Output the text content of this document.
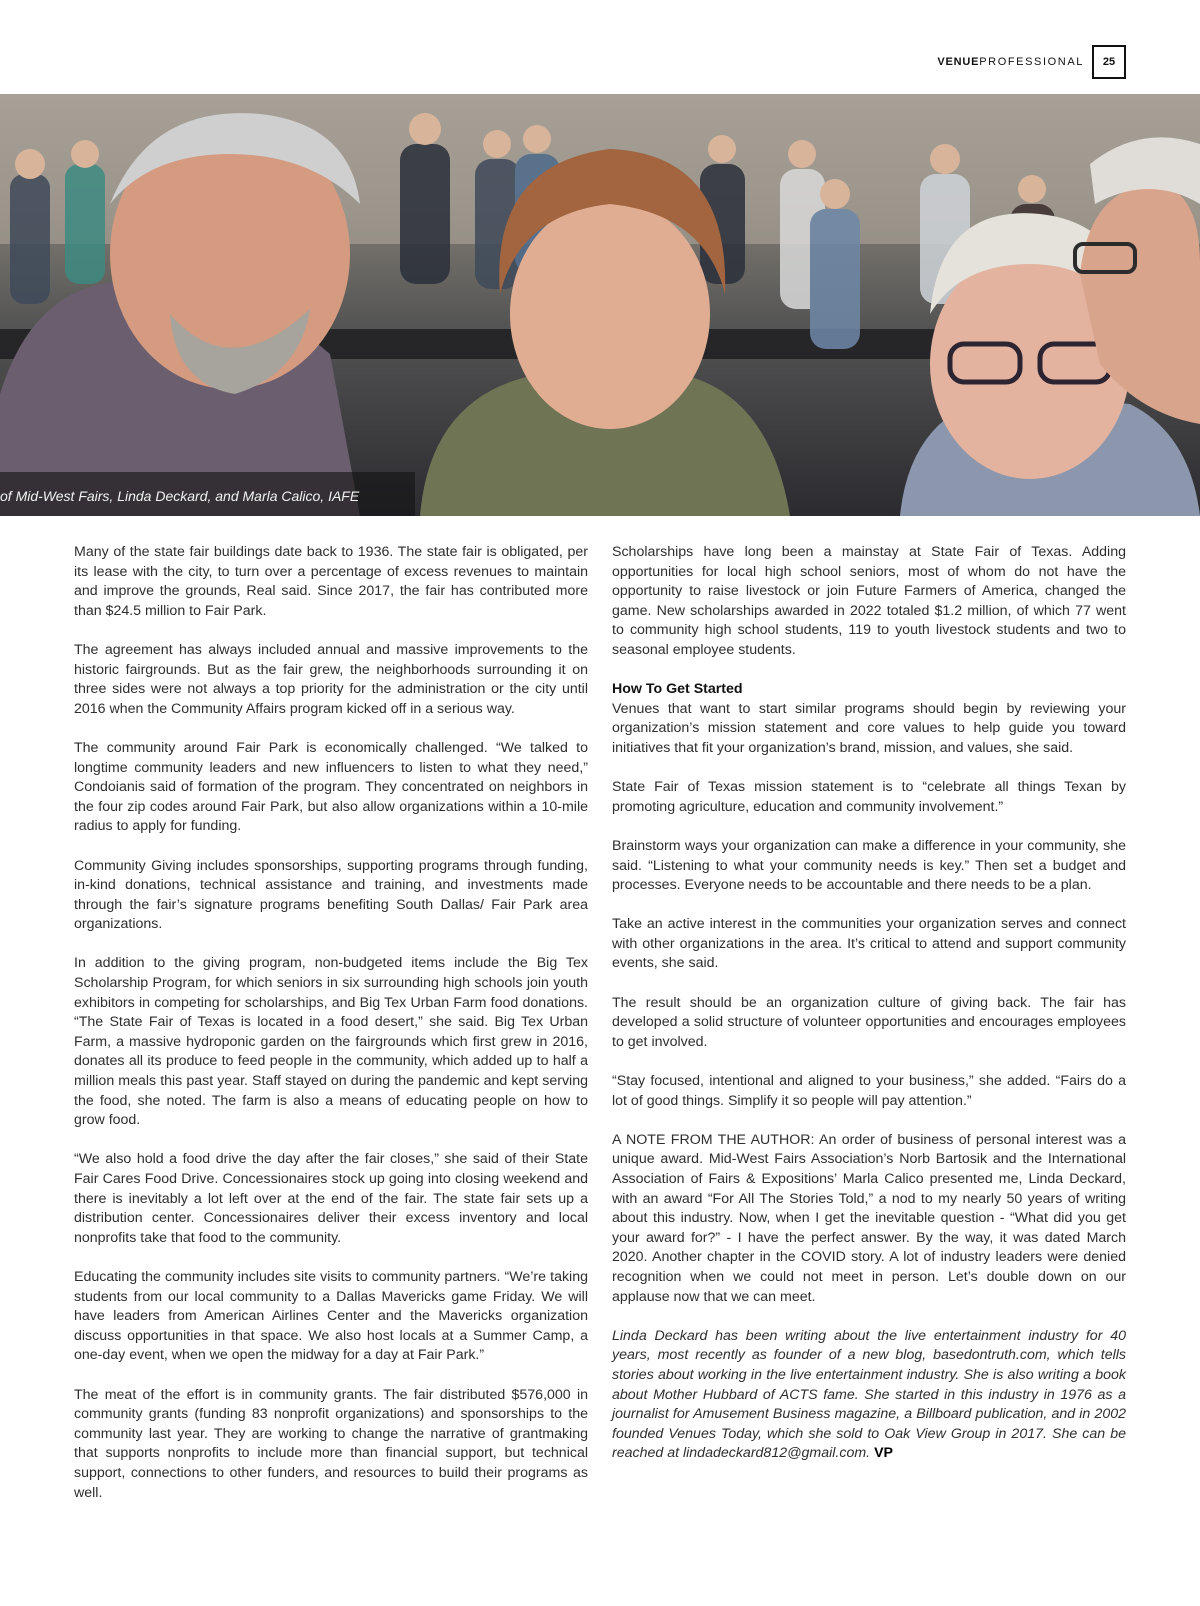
VENUEPROFESSIONAL	25
of Mid-West Fairs, Linda Deckard, and Marla Calico, IAFE

Many of the state fair buildings date back to 1936. The state fair is obligated, per its lease with the city, to turn over a percentage of excess revenues to maintain and improve the grounds, Real said. Since 2017, the fair has contributed more than $24.5 million to Fair Park.

The agreement has always included annual and massive improvements to the historic fairgrounds. But as the fair grew, the neighborhoods surrounding it on three sides were not always a top priority for the administration or the city until 2016 when the Community Affairs program kicked off in a serious way.

The community around Fair Park is economically challenged. “We talked to longtime community leaders and new influencers to listen to what they need,” Condoianis said of formation of the program. They concentrated on neighbors in the four zip codes around Fair Park, but also allow organizations within a 10-mile radius to apply for funding.

Community Giving includes sponsorships, supporting programs through funding, in-kind donations, technical assistance and training, and investments made through the fair’s signature programs benefiting South Dallas/ Fair Park area organizations.

In addition to the giving program, non-budgeted items include the Big Tex Scholarship Program, for which seniors in six surrounding high schools join youth exhibitors in competing for scholarships, and Big Tex Urban Farm food donations. “The State Fair of Texas is located in a food desert,” she said. Big Tex Urban Farm, a massive hydroponic garden on the fairgrounds which first grew in 2016, donates all its produce to feed people in the community, which added up to half a million meals this past year. Staff stayed on during the pandemic and kept serving the food, she noted. The farm is also a means of educating people on how to grow food.

“We also hold a food drive the day after the fair closes,” she said of their State Fair Cares Food Drive. Concessionaires stock up going into closing weekend and there is inevitably a lot left over at the end of the fair. The state fair sets up a distribution center. Concessionaires deliver their excess inventory and local nonprofits take that food to the community.

Educating the community includes site visits to community partners. “We’re taking students from our local community to a Dallas Mavericks game Friday. We will have leaders from American Airlines Center and the Mavericks organization discuss opportunities in that space. We also host locals at a Summer Camp, a one-day event, when we open the midway for a day at Fair Park.”

The meat of the effort is in community grants. The fair distributed $576,000 in community grants (funding 83 nonprofit organizations) and sponsorships to the community last year. They are working to change the narrative of grantmaking that supports nonprofits to include more than financial support, but technical support, connections to other funders, and resources to build their programs as well.

Scholarships have long been a mainstay at State Fair of Texas. Adding opportunities for local high school seniors, most of whom do not have the opportunity to raise livestock or join Future Farmers of America, changed the game. New scholarships awarded in 2022 totaled $1.2 million, of which 77 went to community high school students, 119 to youth livestock students and two to seasonal employee students.

How To Get Started

Venues that want to start similar programs should begin by reviewing your organization’s mission statement and core values to help guide you toward initiatives that fit your organization’s brand, mission, and values, she said.

State Fair of Texas mission statement is to “celebrate all things Texan by promoting agriculture, education and community involvement.”

Brainstorm ways your organization can make a difference in your community, she said. “Listening to what your community needs is key.” Then set a budget and processes. Everyone needs to be accountable and there needs to be a plan.

Take an active interest in the communities your organization serves and connect with other organizations in the area. It’s critical to attend and support community events, she said.

The result should be an organization culture of giving back. The fair has developed a solid structure of volunteer opportunities and encourages employees to get involved.

“Stay focused, intentional and aligned to your business,” she added. “Fairs do a lot of good things. Simplify it so people will pay attention.”

A NOTE FROM THE AUTHOR: An order of business of personal interest was a unique award. Mid-West Fairs Association’s Norb Bartosik and the International Association of Fairs & Expositions’ Marla Calico presented me, Linda Deckard, with an award “For All The Stories Told,” a nod to my nearly 50 years of writing about this industry. Now, when I get the inevitable question - “What did you get your award for?” - I have the perfect answer. By the way, it was dated March 2020. Another chapter in the COVID story. A lot of industry leaders were denied recognition when we could not meet in person. Let’s double down on our applause now that we can meet.

Linda Deckard has been writing about the live entertainment industry for 40 years, most recently as founder of a new blog, basedontruth.com, which tells stories about working in the live entertainment industry. She is also writing a book about Mother Hubbard of ACTS fame. She started in this industry in 1976 as a journalist for Amusement Business magazine, a Billboard publication, and in 2002 founded Venues Today, which she sold to Oak View Group in 2017. She can be reached at lindadeckard812@gmail.com. VP
